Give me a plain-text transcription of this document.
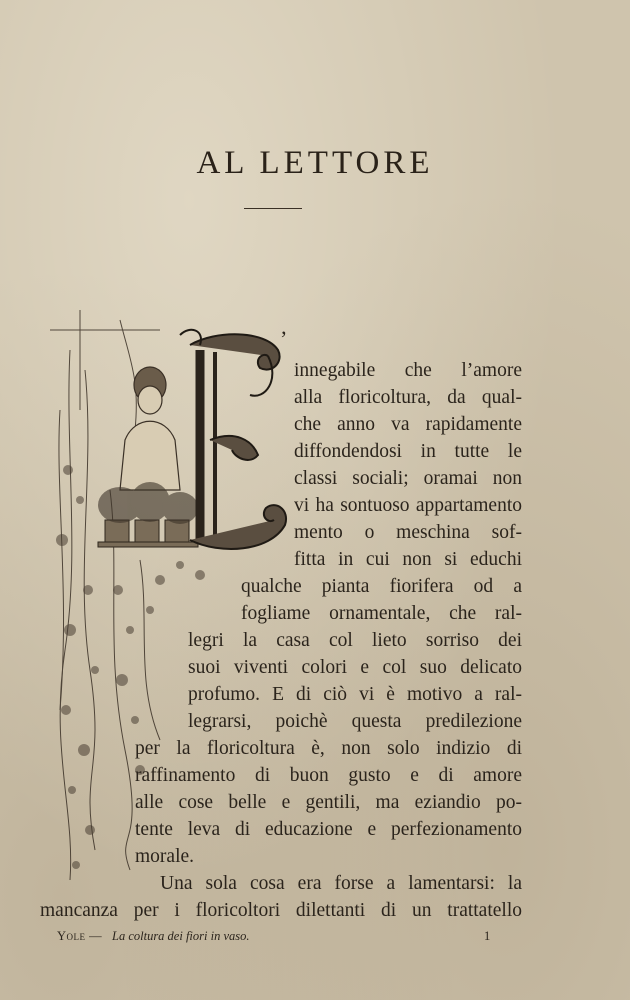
AL LETTORE
’
innegabile che l’amore
alla floricoltura, da qual-
che anno va rapidamente
diffondendosi in tutte le
classi sociali; oramai non
vi ha sontuoso appartamento
mento o meschina sof-
fitta in cui non si educhi
qualche pianta fiorifera od a
fogliame ornamentale, che ral-
legri la casa col lieto sorriso dei
suoi viventi colori e col suo delicato
profumo. E di ciò vi è motivo a ral-
legrarsi, poichè questa predilezione
per la floricoltura è, non solo indizio di
raffinamento di buon gusto e di amore
alle cose belle e gentili, ma eziandio po-
tente leva di educazione e perfezionamento
morale.
Una sola cosa era forse a lamentarsi: la
mancanza per i floricoltori dilettanti di un trattatello
Yole — La coltura dei fiori in vaso.	1
